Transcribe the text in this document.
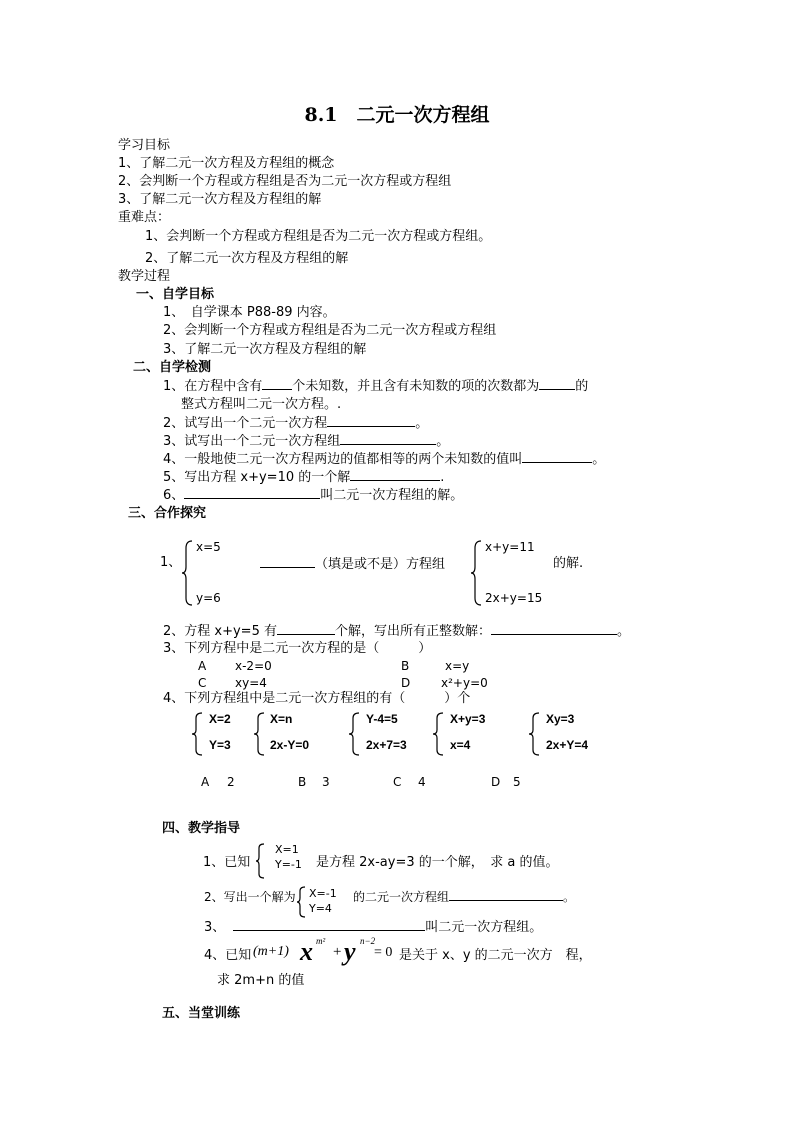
8.1　二元一次方程组
学习目标
1、了解二元一次方程及方程组的概念
2、会判断一个方程或方程组是否为二元一次方程或方程组
3、了解二元一次方程及方程组的解
重难点：
1、会判断一个方程或方程组是否为二元一次方程或方程组。
2、了解二元一次方程及方程组的解
教学过程
一、自学目标
1、　自学课本 P88-89 内容。
2、会判断一个方程或方程组是否为二元一次方程或方程组
3、了解二元一次方程及方程组的解
二、自学检测
1、在方程中含有 个未知数，并且含有未知数的项的次数都为	的
整式方程叫二元一次方程。.
2、试写出一个二元一次方程	。
3、试写出一个二元一次方程组	。
4、一般地使二元一次方程两边的值都相等的两个未知数的值叫	。
5、写出方程 x+y=10 的一个解	.
6、	叫二元一次方程组的解。
三、合作探究
1、
x=5
y=6
（填是或不是）方程组
x+y=11
2x+y=15
的解.
2、方程 x+y=5 有	个解，写出所有正整数解：	。
3、下列方程中是二元一次方程的是（　　　）
A x-2=0	B	x=y
C xy=4	D	x²+y=0
4、下列方程组中是二元一次方程组的有（　　　）个
X=2
Y=3
X=n
2x-Y=0
Y-4=5
2x+7=3
X+y=3
x=4
Xy=3
2x+Y=4
A 2	B 3	C 4	D 5
四、教学指导
1、已知
X=1
Y=-1 是方程 2x-ay=3 的一个解，　求 a 的值。
2、写出一个解为 X=-1
Y=4
的二元一次方程组	。
3、	叫二元一次方程组。
4、已知 (m+1) x m²
+ y n−2
= 0 是关于 x、y 的二元一次方　程，
求 2m+n 的值
五、当堂训练
